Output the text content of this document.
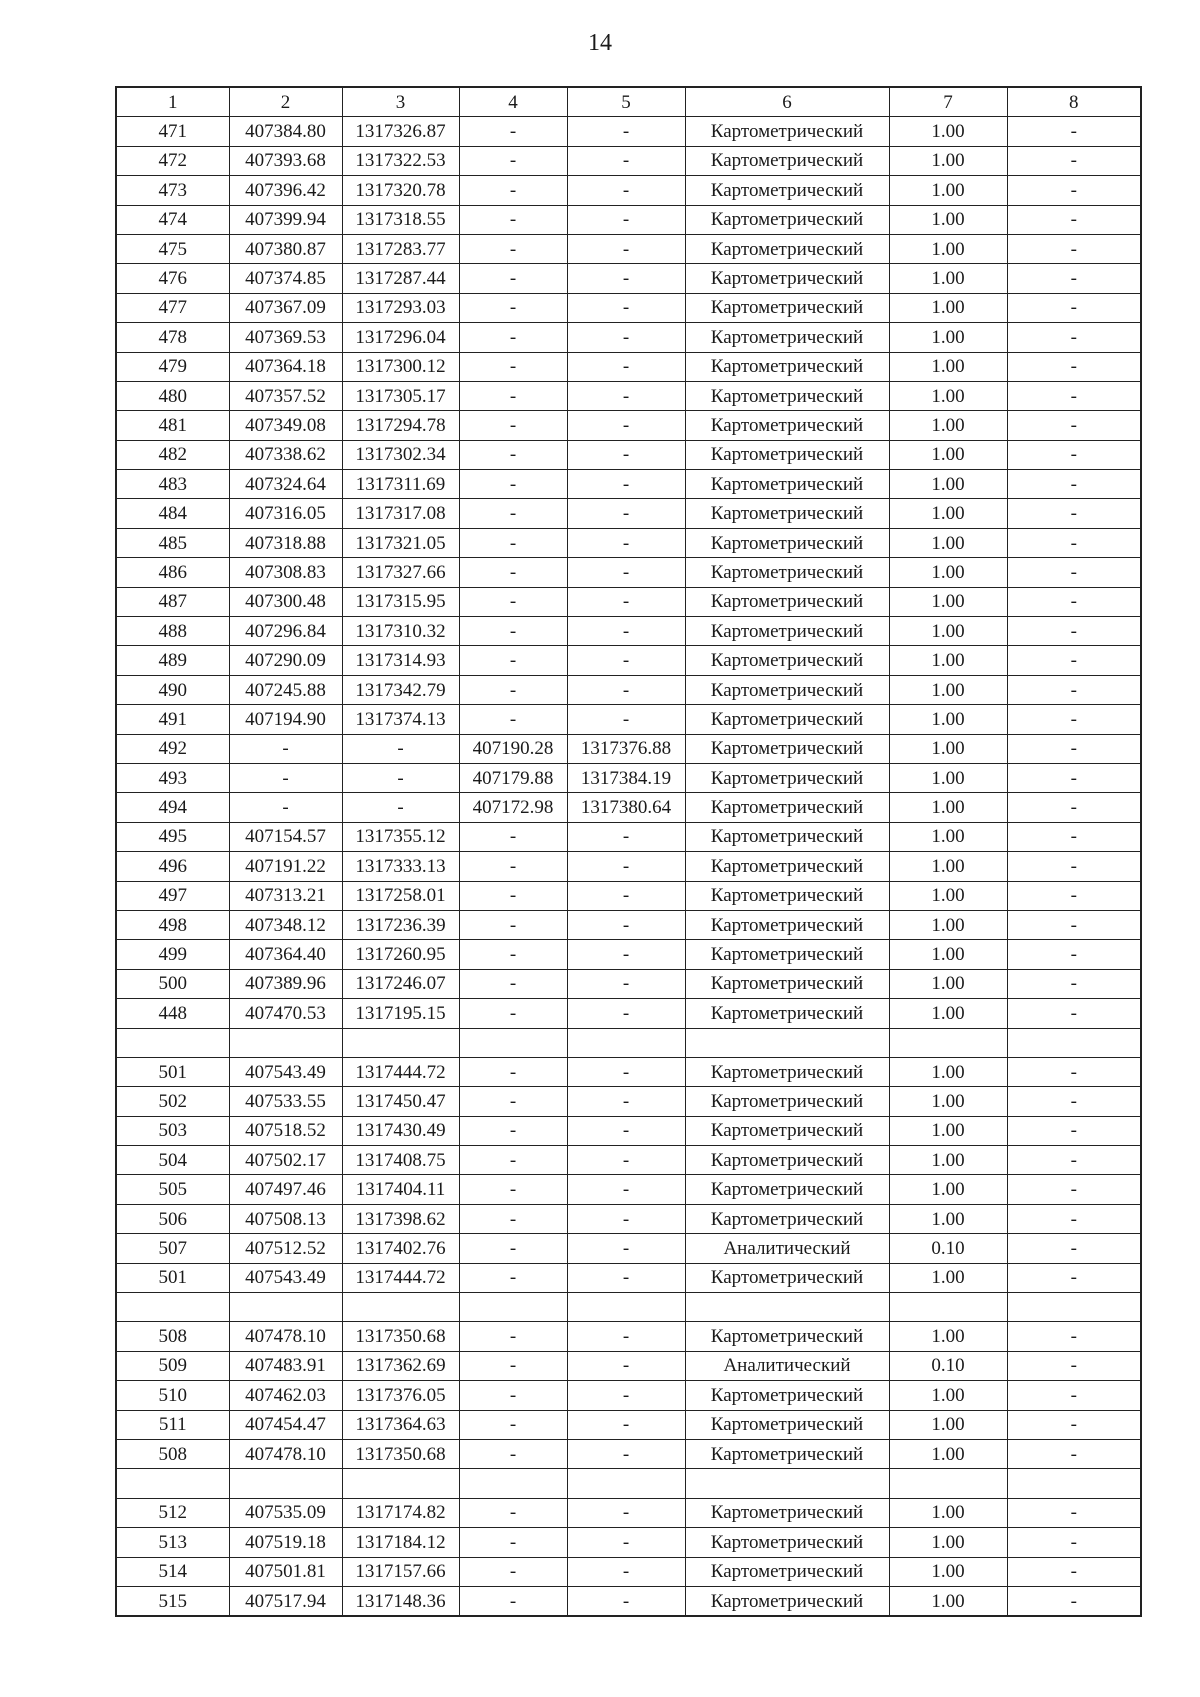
14
1	2	3	4	5	6	7	8
471	407384.80	1317326.87	-	-	Картометрический	1.00	-
472	407393.68	1317322.53	-	-	Картометрический	1.00	-
473	407396.42	1317320.78	-	-	Картометрический	1.00	-
474	407399.94	1317318.55	-	-	Картометрический	1.00	-
475	407380.87	1317283.77	-	-	Картометрический	1.00	-
476	407374.85	1317287.44	-	-	Картометрический	1.00	-
477	407367.09	1317293.03	-	-	Картометрический	1.00	-
478	407369.53	1317296.04	-	-	Картометрический	1.00	-
479	407364.18	1317300.12	-	-	Картометрический	1.00	-
480	407357.52	1317305.17	-	-	Картометрический	1.00	-
481	407349.08	1317294.78	-	-	Картометрический	1.00	-
482	407338.62	1317302.34	-	-	Картометрический	1.00	-
483	407324.64	1317311.69	-	-	Картометрический	1.00	-
484	407316.05	1317317.08	-	-	Картометрический	1.00	-
485	407318.88	1317321.05	-	-	Картометрический	1.00	-
486	407308.83	1317327.66	-	-	Картометрический	1.00	-
487	407300.48	1317315.95	-	-	Картометрический	1.00	-
488	407296.84	1317310.32	-	-	Картометрический	1.00	-
489	407290.09	1317314.93	-	-	Картометрический	1.00	-
490	407245.88	1317342.79	-	-	Картометрический	1.00	-
491	407194.90	1317374.13	-	-	Картометрический	1.00	-
492	-	-	407190.28	1317376.88	Картометрический	1.00	-
493	-	-	407179.88	1317384.19	Картометрический	1.00	-
494	-	-	407172.98	1317380.64	Картометрический	1.00	-
495	407154.57	1317355.12	-	-	Картометрический	1.00	-
496	407191.22	1317333.13	-	-	Картометрический	1.00	-
497	407313.21	1317258.01	-	-	Картометрический	1.00	-
498	407348.12	1317236.39	-	-	Картометрический	1.00	-
499	407364.40	1317260.95	-	-	Картометрический	1.00	-
500	407389.96	1317246.07	-	-	Картометрический	1.00	-
448	407470.53	1317195.15	-	-	Картометрический	1.00	-

501	407543.49	1317444.72	-	-	Картометрический	1.00	-
502	407533.55	1317450.47	-	-	Картометрический	1.00	-
503	407518.52	1317430.49	-	-	Картометрический	1.00	-
504	407502.17	1317408.75	-	-	Картометрический	1.00	-
505	407497.46	1317404.11	-	-	Картометрический	1.00	-
506	407508.13	1317398.62	-	-	Картометрический	1.00	-
507	407512.52	1317402.76	-	-	Аналитический	0.10	-
501	407543.49	1317444.72	-	-	Картометрический	1.00	-

508	407478.10	1317350.68	-	-	Картометрический	1.00	-
509	407483.91	1317362.69	-	-	Аналитический	0.10	-
510	407462.03	1317376.05	-	-	Картометрический	1.00	-
511	407454.47	1317364.63	-	-	Картометрический	1.00	-
508	407478.10	1317350.68	-	-	Картометрический	1.00	-

512	407535.09	1317174.82	-	-	Картометрический	1.00	-
513	407519.18	1317184.12	-	-	Картометрический	1.00	-
514	407501.81	1317157.66	-	-	Картометрический	1.00	-
515	407517.94	1317148.36	-	-	Картометрический	1.00	-
